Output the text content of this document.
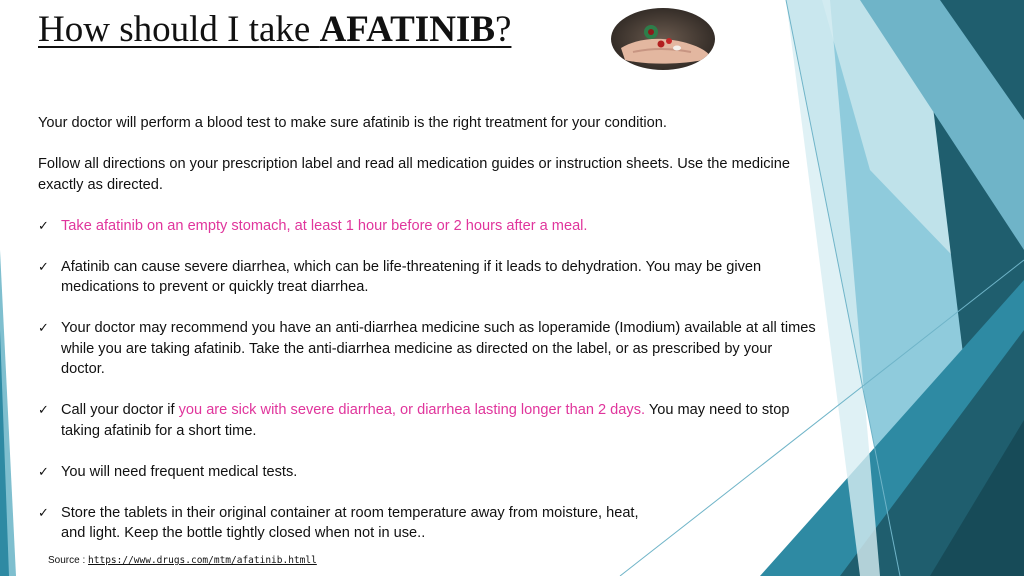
How should I take AFATINIB?

Your doctor will perform a blood test to make sure afatinib is the right treatment for your condition.

Follow all directions on your prescription label and read all medication guides or instruction sheets. Use the medicine exactly as directed.

✓ Take afatinib on an empty stomach, at least 1 hour before or 2 hours after a meal.
✓ Afatinib can cause severe diarrhea, which can be life-threatening if it leads to dehydration. You may be given medications to prevent or quickly treat diarrhea.
✓ Your doctor may recommend you have an anti-diarrhea medicine such as loperamide (Imodium) available at all times while you are taking afatinib. Take the anti-diarrhea medicine as directed on the label, or as prescribed by your doctor.
✓ Call your doctor if you are sick with severe diarrhea, or diarrhea lasting longer than 2 days. You may need to stop taking afatinib for a short time.
✓ You will need frequent medical tests.
✓ Store the tablets in their original container at room temperature away from moisture, heat,
and light. Keep the bottle tightly closed when not in use..
Source : https://www.drugs.com/mtm/afatinib.htmll
